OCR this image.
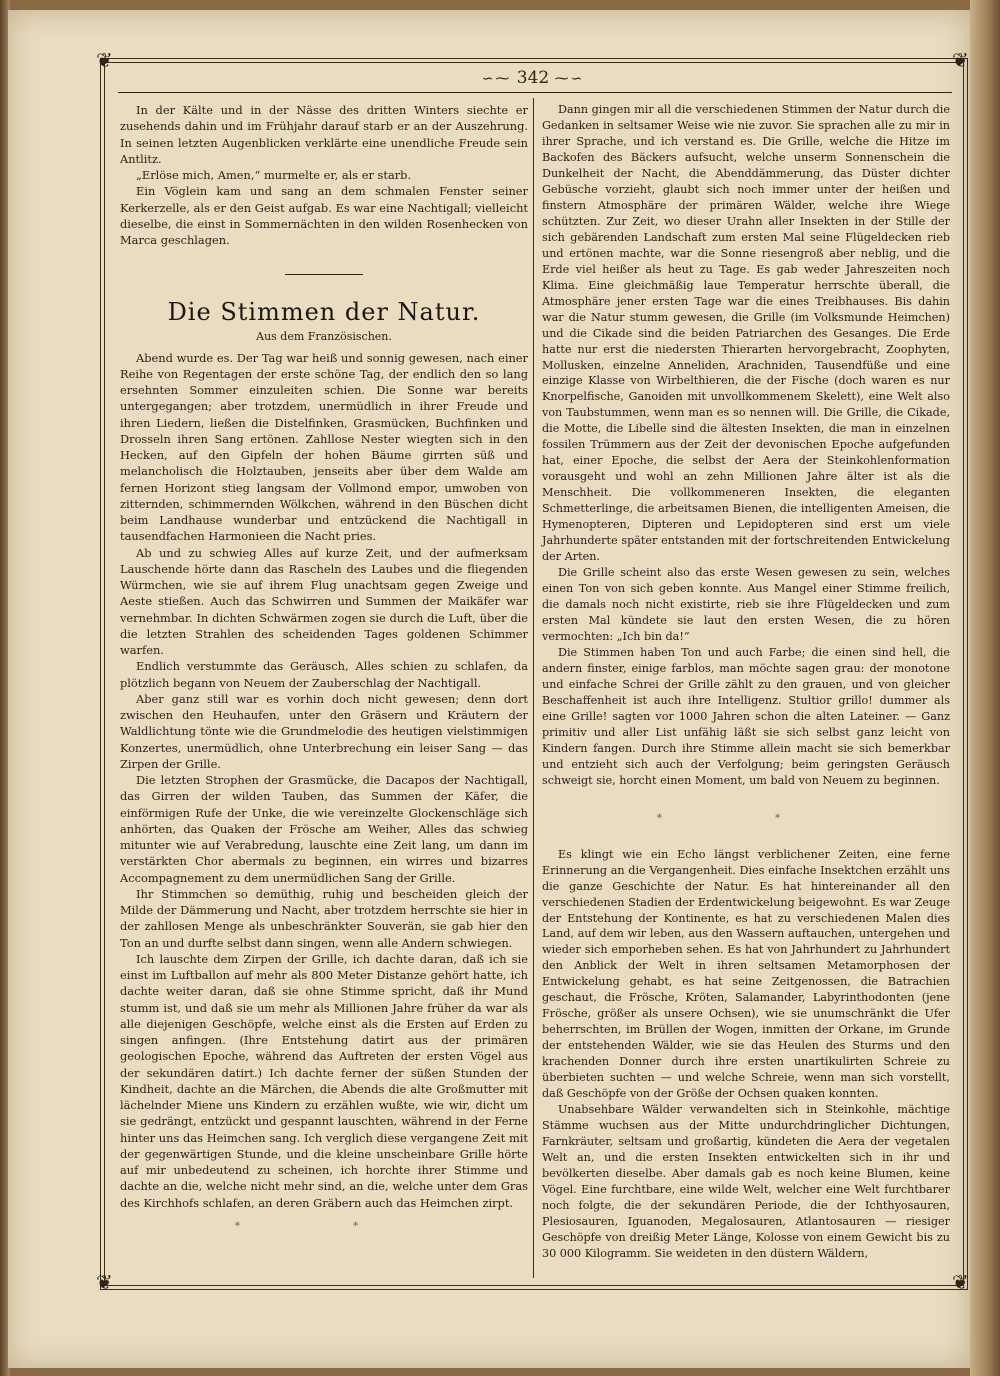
❦	❦
❦	❦
∽⁓ 342 ⁓∽

In der Kälte und in der Nässe des dritten Winters siechte er zusehends dahin und im Frühjahr darauf starb er an der Auszehrung. In seinen letzten Augenblicken verklärte eine unendliche Freude sein Antlitz.

„Erlöse mich, Amen,“ murmelte er, als er starb.

Ein Vöglein kam und sang an dem schmalen Fenster seiner Kerkerzelle, als er den Geist aufgab. Es war eine Nachtigall; vielleicht dieselbe, die einst in Sommernächten in den wilden Rosenhecken von Marca geschlagen.

Die Stimmen der Natur.
Aus dem Französischen.

Abend wurde es. Der Tag war heiß und sonnig gewesen, nach einer Reihe von Regentagen der erste schöne Tag, der endlich den so lang ersehnten Sommer einzuleiten schien. Die Sonne war bereits untergegangen; aber trotzdem, unermüdlich in ihrer Freude und ihren Liedern, ließen die Distelfinken, Grasmücken, Buchfinken und Drosseln ihren Sang ertönen. Zahllose Nester wiegten sich in den Hecken, auf den Gipfeln der hohen Bäume girrten süß und melancholisch die Holztauben, jenseits aber über dem Walde am fernen Horizont stieg langsam der Vollmond empor, umwoben von zitternden, schimmernden Wölkchen, während in den Büschen dicht beim Landhause wunderbar und entzückend die Nachtigall in tausendfachen Harmonieen die Nacht pries.

Ab und zu schwieg Alles auf kurze Zeit, und der aufmerksam Lauschende hörte dann das Rascheln des Laubes und die fliegenden Würmchen, wie sie auf ihrem Flug unachtsam gegen Zweige und Aeste stießen. Auch das Schwirren und Summen der Maikäfer war vernehmbar. In dichten Schwärmen zogen sie durch die Luft, über die die letzten Strahlen des scheidenden Tages goldenen Schimmer warfen.

Endlich verstummte das Geräusch, Alles schien zu schlafen, da plötzlich begann von Neuem der Zauberschlag der Nachtigall.

Aber ganz still war es vorhin doch nicht gewesen; denn dort zwischen den Heuhaufen, unter den Gräsern und Kräutern der Waldlichtung tönte wie die Grundmelodie des heutigen vielstimmigen Konzertes, unermüdlich, ohne Unterbrechung ein leiser Sang — das Zirpen der Grille.

Die letzten Strophen der Grasmücke, die Dacapos der Nachtigall, das Girren der wilden Tauben, das Summen der Käfer, die einförmigen Rufe der Unke, die wie vereinzelte Glockenschläge sich anhörten, das Quaken der Frösche am Weiher, Alles das schwieg mitunter wie auf Verabredung, lauschte eine Zeit lang, um dann im verstärkten Chor abermals zu beginnen, ein wirres und bizarres Accompagnement zu dem unermüdlichen Sang der Grille.

Ihr Stimmchen so demüthig, ruhig und bescheiden gleich der Milde der Dämmerung und Nacht, aber trotzdem herrschte sie hier in der zahllosen Menge als unbeschränkter Souverän, sie gab hier den Ton an und durfte selbst dann singen, wenn alle Andern schwiegen.

Ich lauschte dem Zirpen der Grille, ich dachte daran, daß ich sie einst im Luftballon auf mehr als 800 Meter Distanze gehört hatte, ich dachte weiter daran, daß sie ohne Stimme spricht, daß ihr Mund stumm ist, und daß sie um mehr als Millionen Jahre früher da war als alle diejenigen Geschöpfe, welche einst als die Ersten auf Erden zu singen anfingen. (Ihre Entstehung datirt aus der primären geologischen Epoche, während das Auftreten der ersten Vögel aus der sekundären datirt.) Ich dachte ferner der süßen Stunden der Kindheit, dachte an die Märchen, die Abends die alte Großmutter mit lächelnder Miene uns Kindern zu erzählen wußte, wie wir, dicht um sie gedrängt, entzückt und gespannt lauschten, während in der Ferne hinter uns das Heimchen sang. Ich verglich diese vergangene Zeit mit der gegenwärtigen Stunde, und die kleine unscheinbare Grille hörte auf mir unbedeutend zu scheinen, ich horchte ihrer Stimme und dachte an die, welche nicht mehr sind, an die, welche unter dem Gras des Kirchhofs schlafen, an deren Gräbern auch das Heimchen zirpt.

* *

Dann gingen mir all die verschiedenen Stimmen der Natur durch die Gedanken in seltsamer Weise wie nie zuvor. Sie sprachen alle zu mir in ihrer Sprache, und ich verstand es. Die Grille, welche die Hitze im Backofen des Bäckers aufsucht, welche unserm Sonnenschein die Dunkelheit der Nacht, die Abenddämmerung, das Düster dichter Gebüsche vorzieht, glaubt sich noch immer unter der heißen und finstern Atmosphäre der primären Wälder, welche ihre Wiege schützten. Zur Zeit, wo dieser Urahn aller Insekten in der Stille der sich gebärenden Landschaft zum ersten Mal seine Flügeldecken rieb und ertönen machte, war die Sonne riesengroß aber neblig, und die Erde viel heißer als heut zu Tage. Es gab weder Jahreszeiten noch Klima. Eine gleichmäßig laue Temperatur herrschte überall, die Atmosphäre jener ersten Tage war die eines Treibhauses. Bis dahin war die Natur stumm gewesen, die Grille (im Volksmunde Heimchen) und die Cikade sind die beiden Patriarchen des Gesanges. Die Erde hatte nur erst die niedersten Thierarten hervorgebracht, Zoophyten, Mollusken, einzelne Anneliden, Arachniden, Tausendfüße und eine einzige Klasse von Wirbelthieren, die der Fische (doch waren es nur Knorpelfische, Ganoiden mit unvollkommenem Skelett), eine Welt also von Taubstummen, wenn man es so nennen will. Die Grille, die Cikade, die Motte, die Libelle sind die ältesten Insekten, die man in einzelnen fossilen Trümmern aus der Zeit der devonischen Epoche aufgefunden hat, einer Epoche, die selbst der Aera der Steinkohlenformation vorausgeht und wohl an zehn Millionen Jahre älter ist als die Menschheit. Die vollkommeneren Insekten, die eleganten Schmetterlinge, die arbeitsamen Bienen, die intelligenten Ameisen, die Hymenopteren, Dipteren und Lepidopteren sind erst um viele Jahrhunderte später entstanden mit der fortschreitenden Entwickelung der Arten.

Die Grille scheint also das erste Wesen gewesen zu sein, welches einen Ton von sich geben konnte. Aus Mangel einer Stimme freilich, die damals noch nicht existirte, rieb sie ihre Flügeldecken und zum ersten Mal kündete sie laut den ersten Wesen, die zu hören vermochten: „Ich bin da!“

Die Stimmen haben Ton und auch Farbe; die einen sind hell, die andern finster, einige farblos, man möchte sagen grau: der monotone und einfache Schrei der Grille zählt zu den grauen, und von gleicher Beschaffenheit ist auch ihre Intelligenz. Stultior grillo! dummer als eine Grille! sagten vor 1000 Jahren schon die alten Lateiner. — Ganz primitiv und aller List unfähig läßt sie sich selbst ganz leicht von Kindern fangen. Durch ihre Stimme allein macht sie sich bemerkbar und entzieht sich auch der Verfolgung; beim geringsten Geräusch schweigt sie, horcht einen Moment, um bald von Neuem zu beginnen.

* *

Es klingt wie ein Echo längst verblichener Zeiten, eine ferne Erinnerung an die Vergangenheit. Dies einfache Insektchen erzählt uns die ganze Geschichte der Natur. Es hat hintereinander all den verschiedenen Stadien der Erdentwickelung beigewohnt. Es war Zeuge der Entstehung der Kontinente, es hat zu verschiedenen Malen dies Land, auf dem wir leben, aus den Wassern auftauchen, untergehen und wieder sich emporheben sehen. Es hat von Jahrhundert zu Jahrhundert den Anblick der Welt in ihren seltsamen Metamorphosen der Entwickelung gehabt, es hat seine Zeitgenossen, die Batrachien geschaut, die Frösche, Kröten, Salamander, Labyrinthodonten (jene Frösche, größer als unsere Ochsen), wie sie unumschränkt die Ufer beherrschten, im Brüllen der Wogen, inmitten der Orkane, im Grunde der entstehenden Wälder, wie sie das Heulen des Sturms und den krachenden Donner durch ihre ersten unartikulirten Schreie zu überbieten suchten — und welche Schreie, wenn man sich vorstellt, daß Geschöpfe von der Größe der Ochsen quaken konnten.

Unabsehbare Wälder verwandelten sich in Steinkohle, mächtige Stämme wuchsen aus der Mitte undurchdringlicher Dichtungen, Farnkräuter, seltsam und großartig, kündeten die Aera der vegetalen Welt an, und die ersten Insekten entwickelten sich in ihr und bevölkerten dieselbe. Aber damals gab es noch keine Blumen, keine Vögel. Eine furchtbare, eine wilde Welt, welcher eine Welt furchtbarer noch folgte, die der sekundären Periode, die der Ichthyosauren, Plesiosauren, Iguanoden, Megalosauren, Atlantosauren — riesiger Geschöpfe von dreißig Meter Länge, Kolosse von einem Gewicht bis zu 30 000 Kilogramm. Sie weideten in den düstern Wäldern,
